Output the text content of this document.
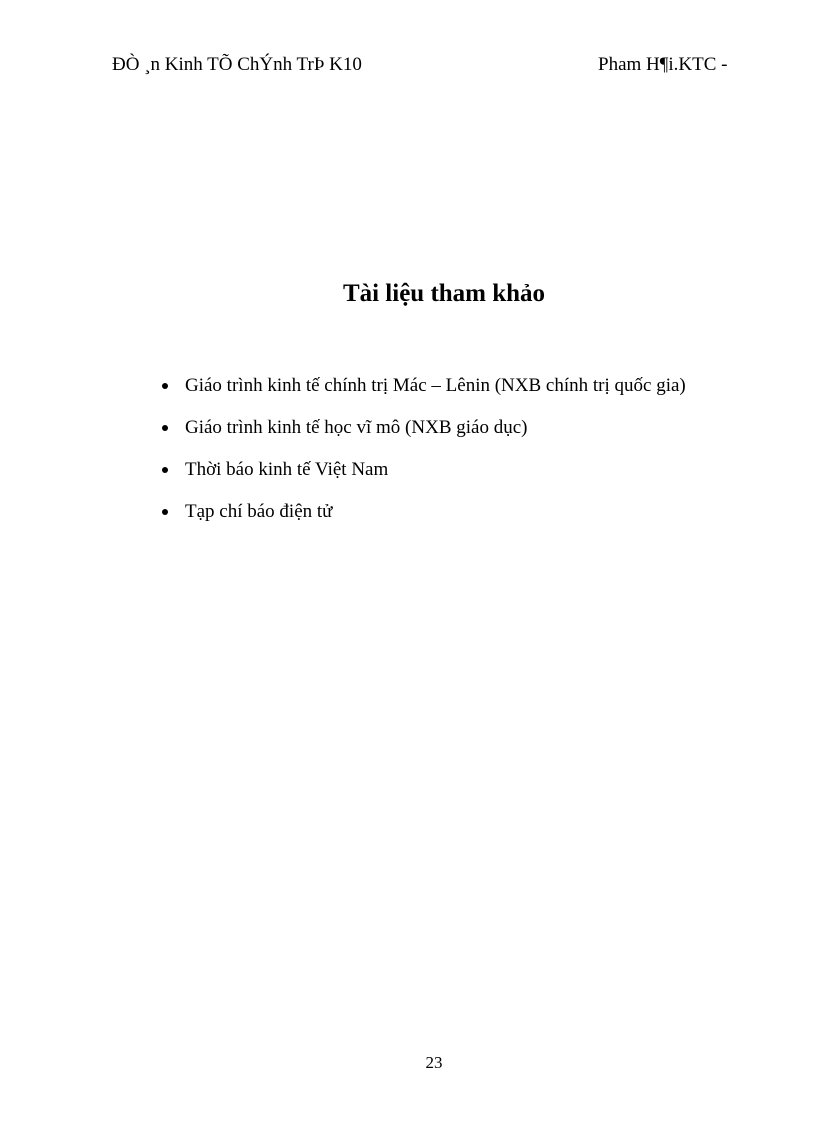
ĐÒ ¸n Kinh TÕ ChÝnh TrÞ K10	Pham H¶i.KTC -
Tài liệu tham khảo
Giáo trình kinh tế chính trị Mác – Lênin (NXB chính trị quốc gia)
Giáo trình kinh tế học vĩ mô (NXB giáo dục)
Thời báo kinh tế Việt Nam
Tạp chí báo điện tử
23
